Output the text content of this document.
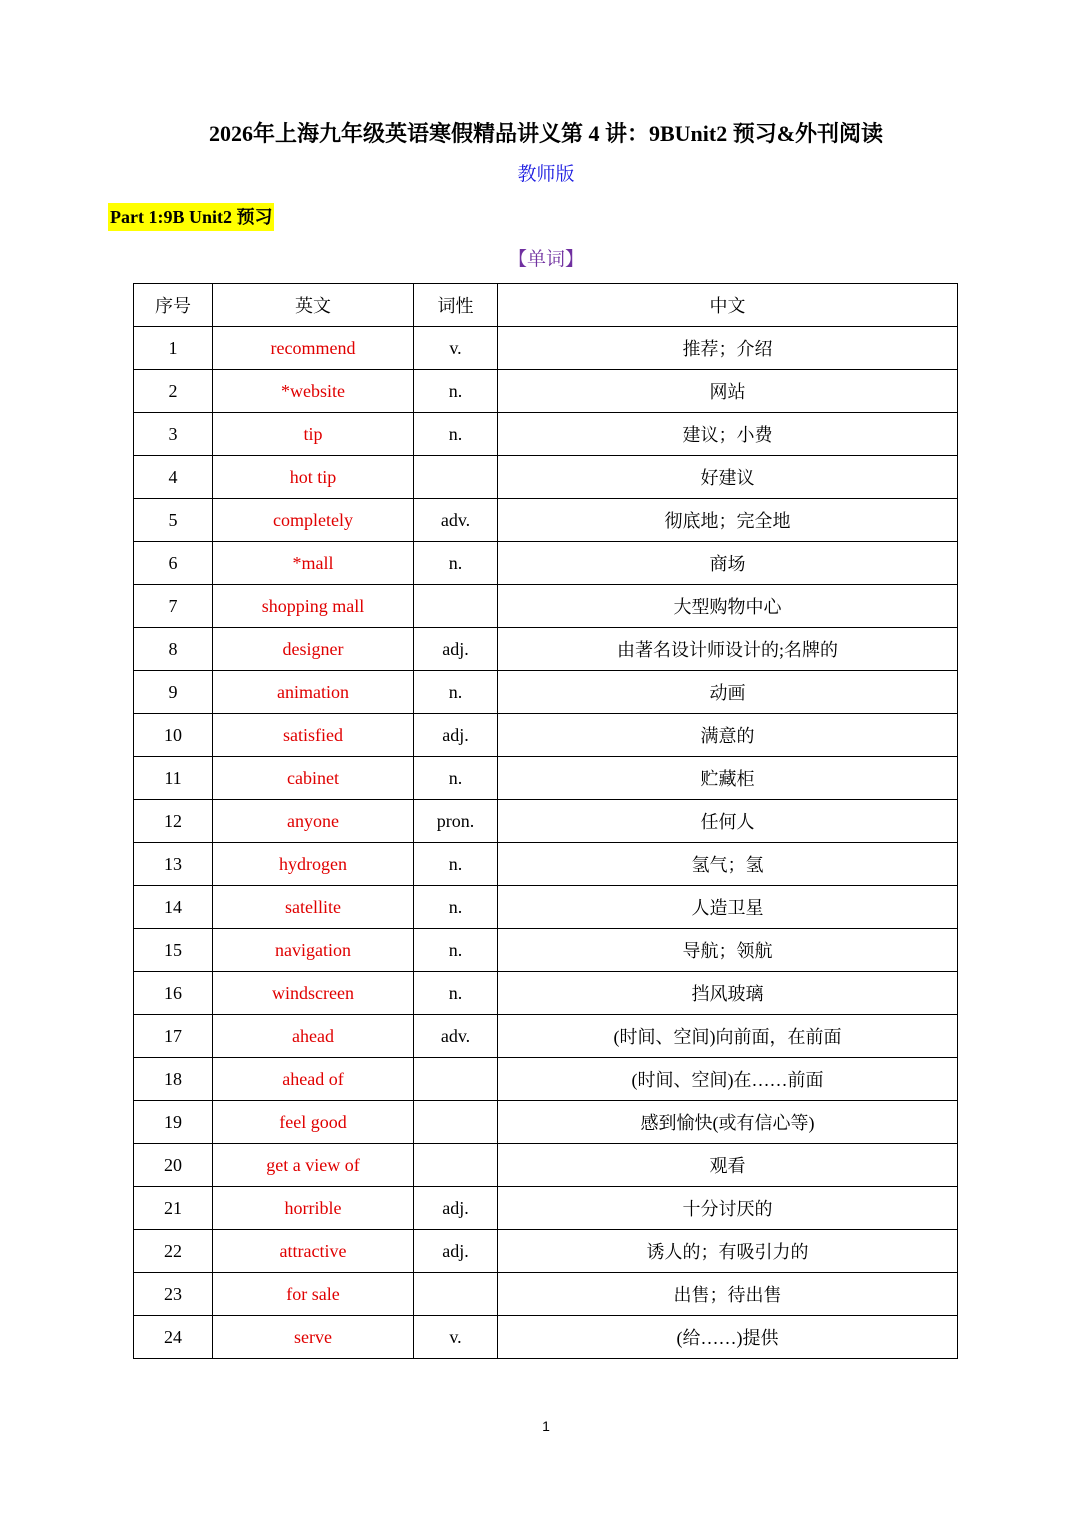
2026年上海九年级英语寒假精品讲义第 4 讲：9BUnit2 预习&外刊阅读
教师版
Part 1:9B Unit2 预习
【单词】
序号	英文	词性	中文
1	recommend	v.	推荐；介绍
2	*website	n.	网站
3	tip	n.	建议；小费
4	hot tip		好建议
5	completely	adv.	彻底地；完全地
6	*mall	n.	商场
7	shopping mall		大型购物中心
8	designer	adj.	由著名设计师设计的;名牌的
9	animation	n.	动画
10	satisfied	adj.	满意的
11	cabinet	n.	贮藏柜
12	anyone	pron.	任何人
13	hydrogen	n.	氢气；氢
14	satellite	n.	人造卫星
15	navigation	n.	导航；领航
16	windscreen	n.	挡风玻璃
17	ahead	adv.	(时间、空间)向前面，在前面
18	ahead of		(时间、空间)在……前面
19	feel good		感到愉快(或有信心等)
20	get a view of		观看
21	horrible	adj.	十分讨厌的
22	attractive	adj.	诱人的；有吸引力的
23	for sale		出售；待出售
24	serve	v.	(给……)提供
1
